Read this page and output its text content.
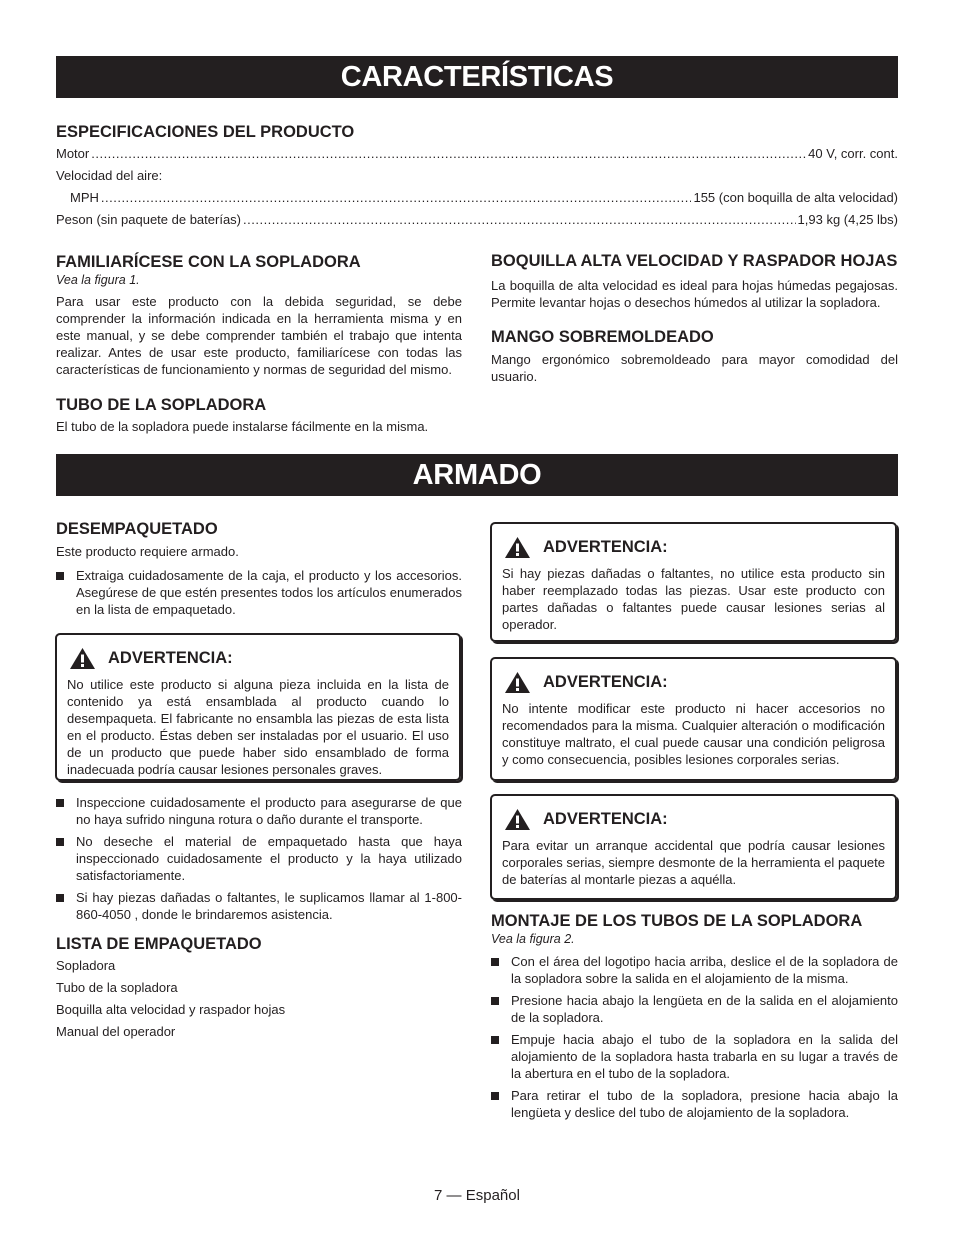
CARACTERÍSTICAS

ESPECIFICACIONES DEL PRODUCTO

Motor .....	40 V, corr. cont.
Velocidad del aire:
MPH .....	155 (con boquilla de alta velocidad)
Peson (sin paquete de baterías) .....	1,93 kg (4,25 lbs)

FAMILIARÍCESE CON LA SOPLADORA

Vea la figura 1.

Para usar este producto con la debida seguridad, se debe comprender la información indicada en la herramienta misma y en este manual, y se debe comprender también el trabajo que intenta realizar. Antes de usar este producto, familiarícese con todas las características de funcionamiento y normas de seguridad del mismo.

TUBO DE LA SOPLADORA

El tubo de la sopladora puede instalarse fácilmente en la misma.

BOQUILLA ALTA VELOCIDAD Y RASPADOR HOJAS

La boquilla de alta velocidad es ideal para hojas húmedas pegajosas. Permite levantar hojas o desechos húmedos al utilizar la sopladora.

MANGO SOBREMOLDEADO

Mango ergonómico sobremoldeado para mayor comodidad del usuario.

ARMADO

DESEMPAQUETADO

Este producto requiere armado.

Extraiga cuidadosamente de la caja, el producto y los accesorios. Asegúrese de que estén presentes todos los artículos enumerados en la lista de empaquetado.
ADVERTENCIA:

No utilice este producto si alguna pieza incluida en la lista de contenido ya está ensamblada al producto cuando lo desempaqueta. El fabricante no ensambla las piezas de esta lista en el producto. Éstas deben ser instaladas por el usuario. El uso de un producto que puede haber sido ensamblado de forma inadecuada podría causar lesiones personales graves.

Inspeccione cuidadosamente el producto para asegurarse de que no haya sufrido ninguna rotura o daño durante el transporte.
No deseche el material de empaquetado hasta que haya inspeccionado cuidadosamente el producto y la haya utilizado satisfactoriamente.
Si hay piezas dañadas o faltantes, le suplicamos llamar al 1-800-860-4050 , donde le brindaremos asistencia.

LISTA DE EMPAQUETADO

Sopladora

Tubo de la sopladora

Boquilla alta velocidad y raspador hojas

Manual del operador

ADVERTENCIA:

Si hay piezas dañadas o faltantes, no utilice esta producto sin haber reemplazado todas las piezas. Usar este producto con partes dañadas o faltantes puede causar lesiones serias al operador.

ADVERTENCIA:

No intente modificar este producto ni hacer accesorios no recomendados para la misma. Cualquier alteración o modificación constituye maltrato, el cual puede causar una condición peligrosa y como consecuencia, posibles lesiones corporales serias.

ADVERTENCIA:

Para evitar un arranque accidental que podría causar lesiones corporales serias, siempre desmonte de la herramienta el paquete de baterías al montarle piezas a aquélla.

MONTAJE DE LOS TUBOS DE LA SOPLADORA

Vea la figura 2.

Con el área del logotipo hacia arriba, deslice el de la sopladora de la sopladora sobre la salida en el alojamiento de la misma.
Presione hacia abajo la lengüeta en de la salida en el alojamiento de la sopladora.
Empuje hacia abajo el tubo de la sopladora en la salida del alojamiento de la sopladora hasta trabarla en su lugar a través de la abertura en el tubo de la sopladora.
Para retirar el tubo de la sopladora, presione hacia abajo la lengüeta y deslice del tubo de alojamiento de la sopladora.
7 — Español
